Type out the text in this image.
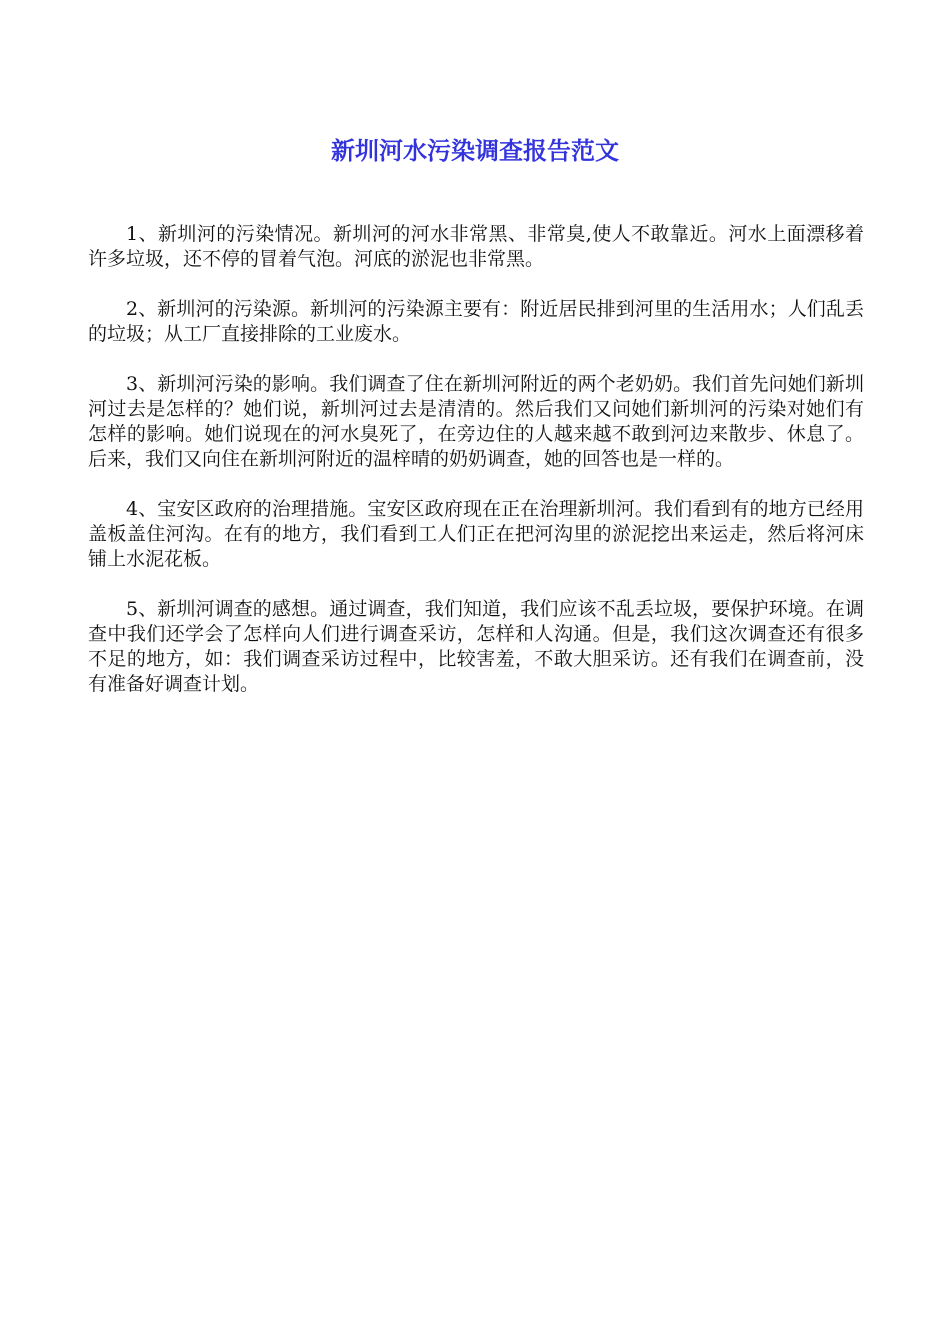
新圳河水污染调查报告范文

1、新圳河的污染情况。新圳河的河水非常黑、非常臭,使人不敢靠近。河水上面漂移着许多垃圾，还不停的冒着气泡。河底的淤泥也非常黑。

2、新圳河的污染源。新圳河的污染源主要有：附近居民排到河里的生活用水；人们乱丢的垃圾；从工厂直接排除的工业废水。

3、新圳河污染的影响。我们调查了住在新圳河附近的两个老奶奶。我们首先问她们新圳河过去是怎样的？她们说，新圳河过去是清清的。然后我们又问她们新圳河的污染对她们有怎样的影响。她们说现在的河水臭死了，在旁边住的人越来越不敢到河边来散步、休息了。后来，我们又向住在新圳河附近的温梓晴的奶奶调查，她的回答也是一样的。

4、宝安区政府的治理措施。宝安区政府现在正在治理新圳河。我们看到有的地方已经用盖板盖住河沟。在有的地方，我们看到工人们正在把河沟里的淤泥挖出来运走，然后将河床铺上水泥花板。

5、新圳河调查的感想。通过调查，我们知道，我们应该不乱丢垃圾，要保护环境。在调查中我们还学会了怎样向人们进行调查采访，怎样和人沟通。但是，我们这次调查还有很多不足的地方，如：我们调查采访过程中，比较害羞，不敢大胆采访。还有我们在调查前，没有准备好调查计划。
